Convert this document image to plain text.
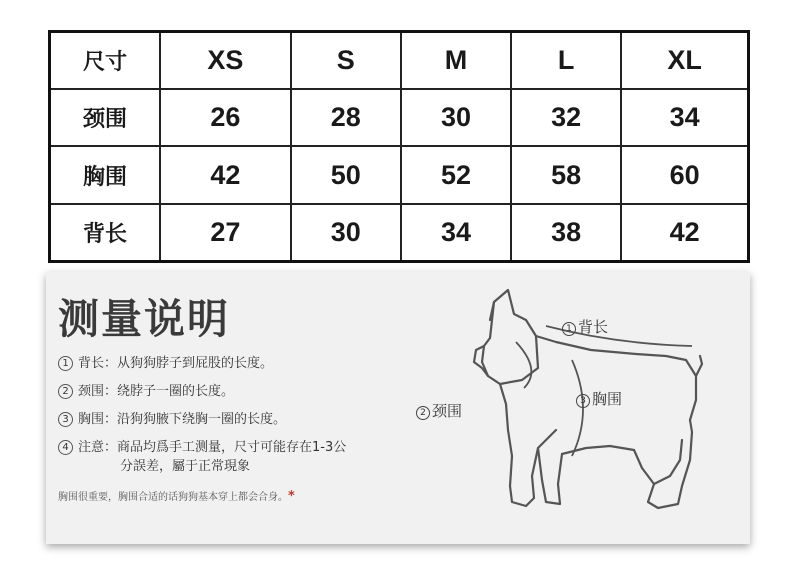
尺寸	XS	S	M	L	XL
颈围	26	28	30	32	34
胸围	42	50	52	58	60
背长	27	30	34	38	42
测量说明
1 背长：从狗狗脖子到屁股的长度。
2 颈围：绕脖子一圈的长度。
3 胸围：沿狗狗腋下绕胸一圈的长度。
4 注意：商品均爲手工测量，尺寸可能存在1-3公
分誤差，屬于正常現象
胸围很重要，胸围合适的话狗狗基本穿上都会合身。*
1 背长
2 颈围
3 胸围
